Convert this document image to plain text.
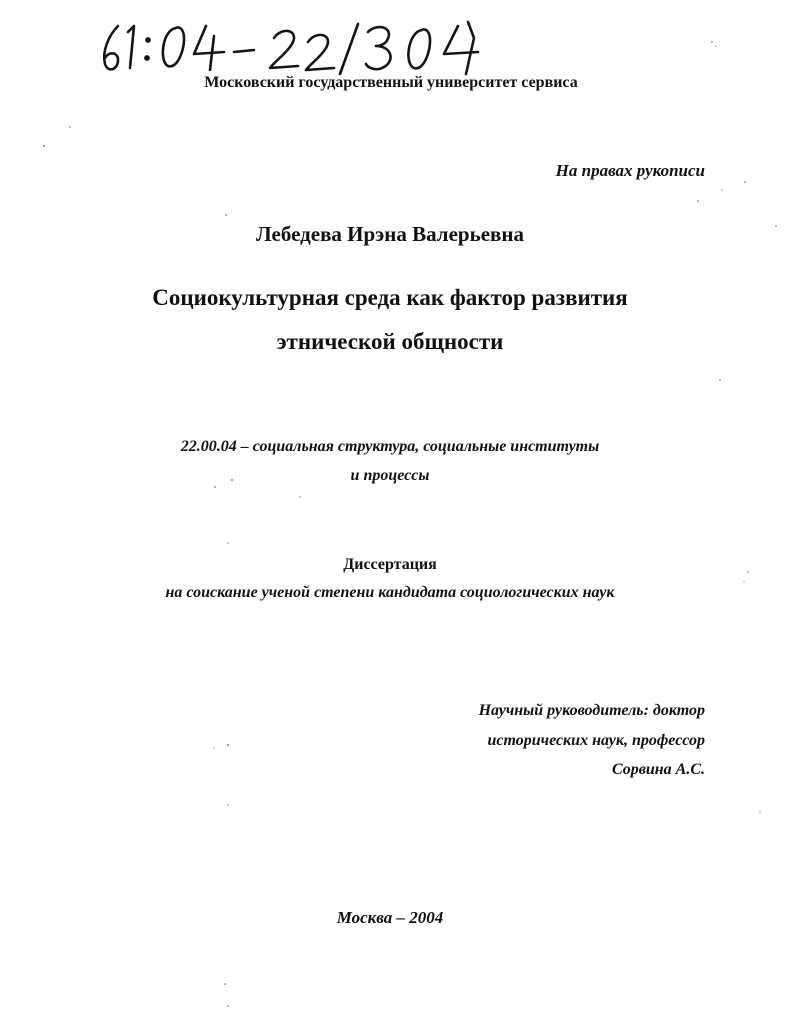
Московский государственный университет сервиса
На правах рукописи
Лебедева Ирэна Валерьевна
Социокультурная среда как фактор развития
этнической общности
22.00.04 – социальная структура, социальные институты
и процессы
Диссертация
на соискание ученой степени кандидата социологических наук
Научный руководитель: доктор
исторических наук, профессор
Сорвина А.С.
Москва – 2004
